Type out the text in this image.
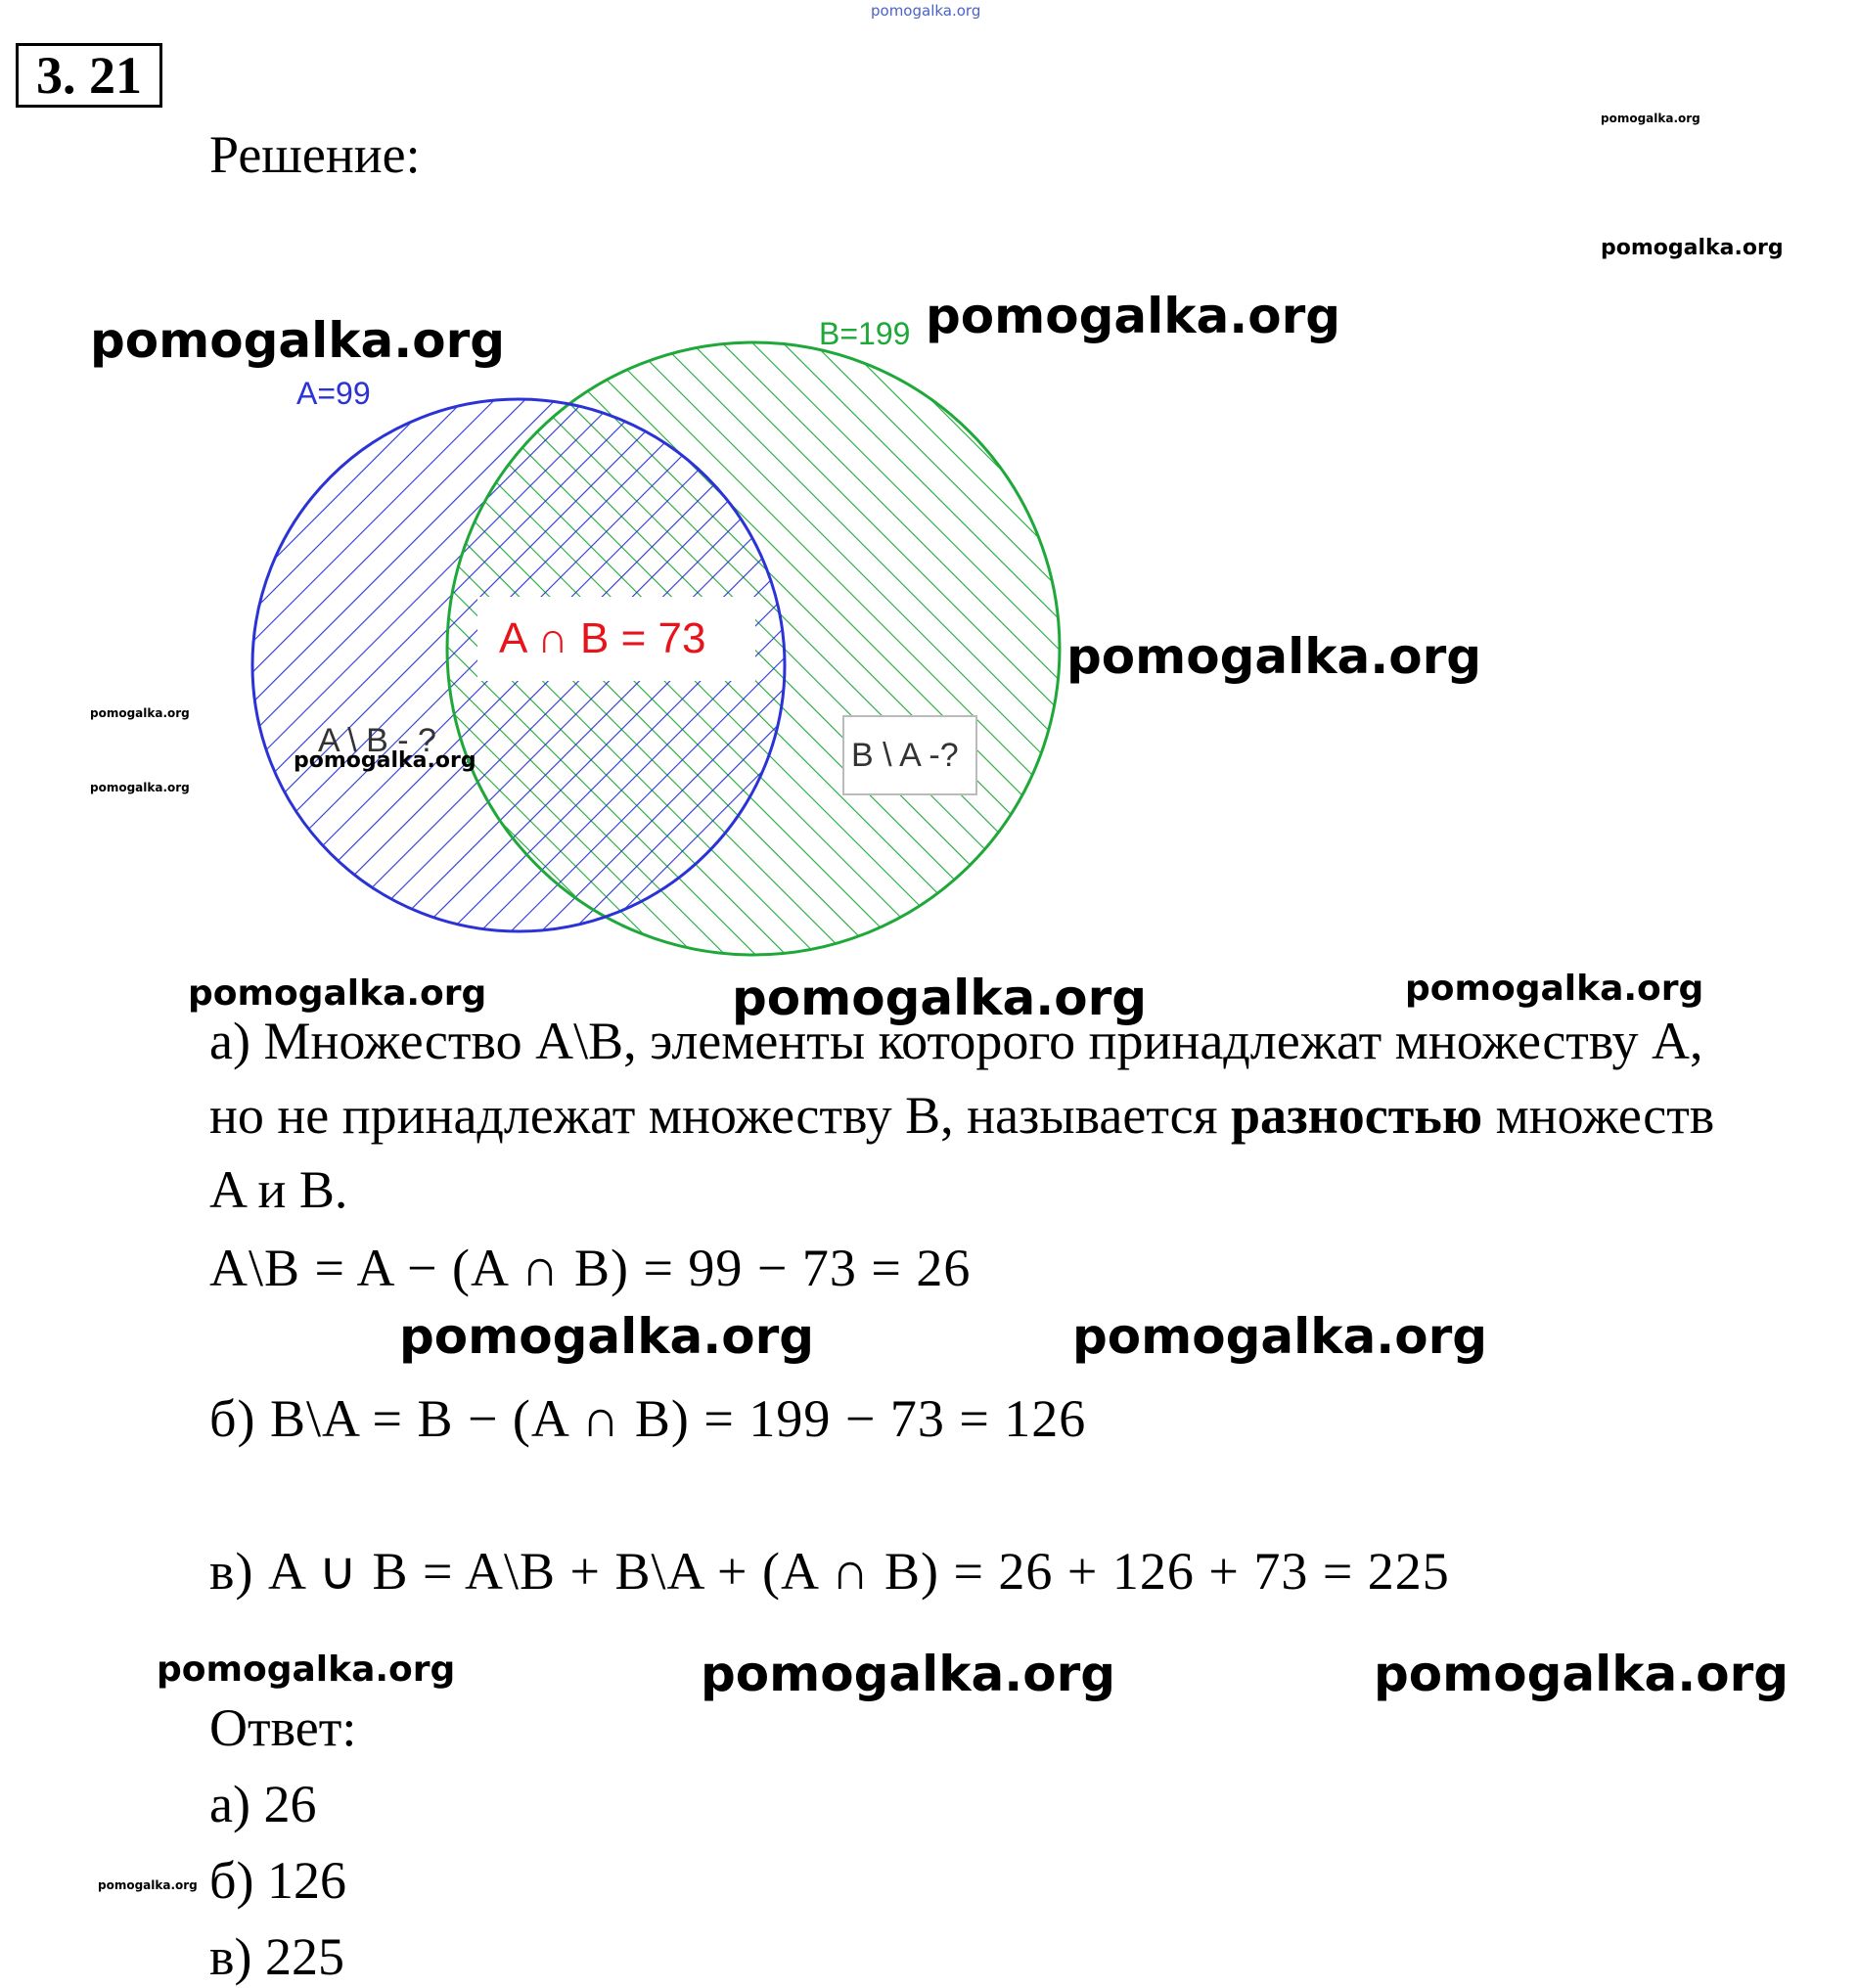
3. 21
Решение:
A=99
B=199
A ∩ B = 73
A \ B - ?	B \ A -?
а) Множество A\B, элементы которого принадлежат множеству A,
но не принадлежат множеству B, называется разностью множеств
A и B.
A\B = A − (A ∩ B) = 99 − 73 = 26
б) B\A = B − (A ∩ B) = 199 − 73 = 126
в) A ∪ B = A\B + B\A + (A ∩ B) = 26 + 126 + 73 = 225
Ответ:
а) 26
б) 126
в) 225
pomogalka.org
pomogalka.org
pomogalka.org
pomogalka.org	pomogalka.org
pomogalka.org
pomogalka.org
pomogalka.org
pomogalka.org
pomogalka.org	pomogalka.org	pomogalka.org
pomogalka.org	pomogalka.org
pomogalka.org	pomogalka.org	pomogalka.org
pomogalka.org
